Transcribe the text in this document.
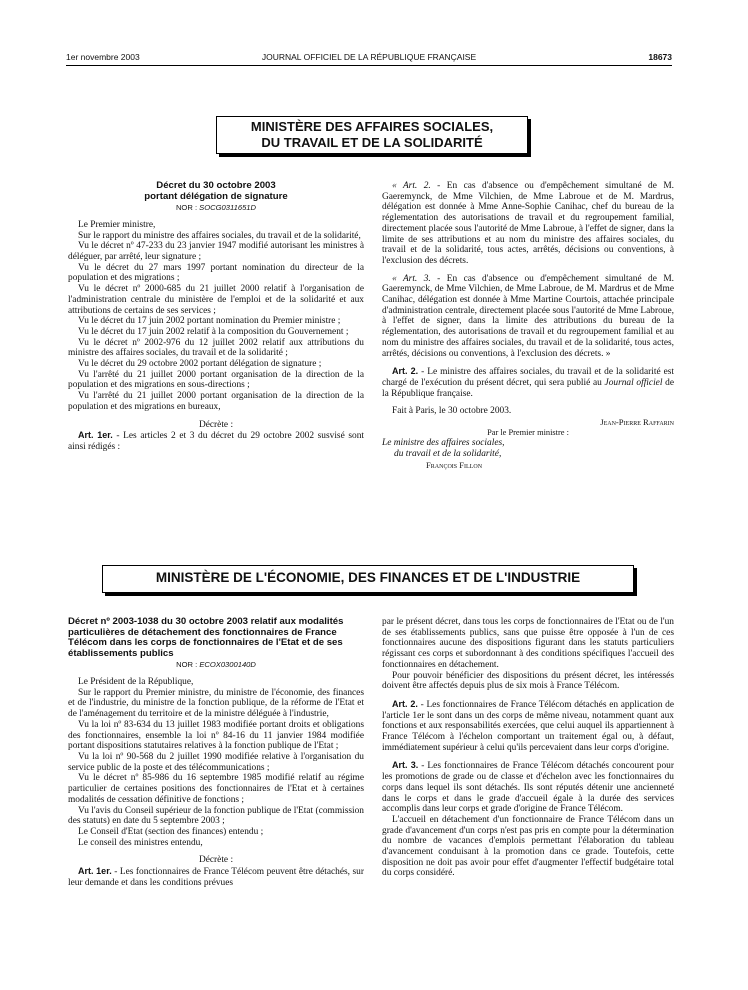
1er novembre 2003	JOURNAL OFFICIEL DE LA RÉPUBLIQUE FRANÇAISE	18673
MINISTÈRE DES AFFAIRES SOCIALES,
DU TRAVAIL ET DE LA SOLIDARITÉ
Décret du 30 octobre 2003
portant délégation de signature

NOR : SOCG0311651D

Le Premier ministre,

Sur le rapport du ministre des affaires sociales, du travail et de la solidarité,

Vu le décret nº 47-233 du 23 janvier 1947 modifié autorisant les ministres à déléguer, par arrêté, leur signature ;

Vu le décret du 27 mars 1997 portant nomination du directeur de la population et des migrations ;

Vu le décret nº 2000-685 du 21 juillet 2000 relatif à l'organisation de l'administration centrale du ministère de l'emploi et de la solidarité et aux attributions de certains de ses services ;

Vu le décret du 17 juin 2002 portant nomination du Premier ministre ;

Vu le décret du 17 juin 2002 relatif à la composition du Gouvernement ;

Vu le décret nº 2002-976 du 12 juillet 2002 relatif aux attributions du ministre des affaires sociales, du travail et de la solidarité ;

Vu le décret du 29 octobre 2002 portant délégation de signature ;

Vu l'arrêté du 21 juillet 2000 portant organisation de la direction de la population et des migrations en sous-directions ;

Vu l'arrêté du 21 juillet 2000 portant organisation de la direction de la population et des migrations en bureaux,

Décrète :

Art. 1er. - Les articles 2 et 3 du décret du 29 octobre 2002 susvisé sont ainsi rédigés :

« Art. 2. - En cas d'absence ou d'empêchement simultané de M. Gaeremynck, de Mme Vilchien, de Mme Labroue et de M. Mardrus, délégation est donnée à Mme Anne-Sophie Canihac, chef du bureau de la réglementation des autorisations de travail et du regroupement familial, directement placée sous l'autorité de Mme Labroue, à l'effet de signer, dans la limite de ses attributions et au nom du ministre des affaires sociales, du travail et de la solidarité, tous actes, arrêtés, décisions ou conventions, à l'exclusion des décrets.

« Art. 3. - En cas d'absence ou d'empêchement simultané de M. Gaeremynck, de Mme Vilchien, de Mme Labroue, de M. Mardrus et de Mme Canihac, délégation est donnée à Mme Martine Courtois, attachée principale d'administration centrale, directement placée sous l'autorité de Mme Labroue, à l'effet de signer, dans la limite des attributions du bureau de la réglementation, des autorisations de travail et du regroupement familial et au nom du ministre des affaires sociales, du travail et de la solidarité, tous actes, arrêtés, décisions ou conventions, à l'exclusion des décrets. »

Art. 2. - Le ministre des affaires sociales, du travail et de la solidarité est chargé de l'exécution du présent décret, qui sera publié au Journal officiel de la République française.

Fait à Paris, le 30 octobre 2003.

Jean-Pierre Raffarin

Par le Premier ministre :

Le ministre des affaires sociales,

du travail et de la solidarité,

François Fillon

MINISTÈRE DE L'ÉCONOMIE, DES FINANCES ET DE L'INDUSTRIE
Décret nº 2003-1038 du 30 octobre 2003 relatif aux modalités particulières de détachement des fonctionnaires de France Télécom dans les corps de fonctionnaires de l'Etat et de ses établissements publics

NOR : ECOX0300140D

Le Président de la République,

Sur le rapport du Premier ministre, du ministre de l'économie, des finances et de l'industrie, du ministre de la fonction publique, de la réforme de l'Etat et de l'aménagement du territoire et de la ministre déléguée à l'industrie,

Vu la loi nº 83-634 du 13 juillet 1983 modifiée portant droits et obligations des fonctionnaires, ensemble la loi nº 84-16 du 11 janvier 1984 modifiée portant dispositions statutaires relatives à la fonction publique de l'Etat ;

Vu la loi nº 90-568 du 2 juillet 1990 modifiée relative à l'organisation du service public de la poste et des télécommunications ;

Vu le décret nº 85-986 du 16 septembre 1985 modifié relatif au régime particulier de certaines positions des fonctionnaires de l'Etat et à certaines modalités de cessation définitive de fonctions ;

Vu l'avis du Conseil supérieur de la fonction publique de l'Etat (commission des statuts) en date du 5 septembre 2003 ;

Le Conseil d'Etat (section des finances) entendu ;

Le conseil des ministres entendu,

Décrète :

Art. 1er. - Les fonctionnaires de France Télécom peuvent être détachés, sur leur demande et dans les conditions prévues

par le présent décret, dans tous les corps de fonctionnaires de l'Etat ou de l'un de ses établissements publics, sans que puisse être opposée à l'un de ces fonctionnaires aucune des dispositions figurant dans les statuts particuliers régissant ces corps et subordonnant à des conditions spécifiques l'accueil des fonctionnaires en détachement.

Pour pouvoir bénéficier des dispositions du présent décret, les intéressés doivent être affectés depuis plus de six mois à France Télécom.

Art. 2. - Les fonctionnaires de France Télécom détachés en application de l'article 1er le sont dans un des corps de même niveau, notamment quant aux fonctions et aux responsabilités exercées, que celui auquel ils appartiennent à France Télécom à l'échelon comportant un traitement égal ou, à défaut, immédiatement supérieur à celui qu'ils percevaient dans leur corps d'origine.

Art. 3. - Les fonctionnaires de France Télécom détachés concourent pour les promotions de grade ou de classe et d'échelon avec les fonctionnaires du corps dans lequel ils sont détachés. Ils sont réputés détenir une ancienneté dans le corps et dans le grade d'accueil égale à la durée des services accomplis dans leur corps et grade d'origine de France Télécom.

L'accueil en détachement d'un fonctionnaire de France Télécom dans un grade d'avancement d'un corps n'est pas pris en compte pour la détermination du nombre de vacances d'emplois permettant l'élaboration du tableau d'avancement conduisant à la promotion dans ce grade. Toutefois, cette disposition ne doit pas avoir pour effet d'augmenter l'effectif budgétaire total du corps considéré.
